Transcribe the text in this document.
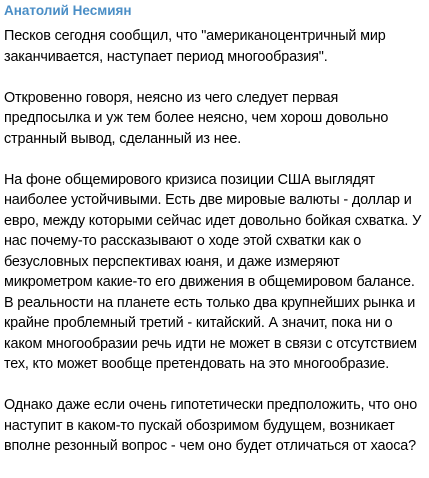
Анатолий Несмиян

Песков сегодня сообщил, что "американоцентричный мир заканчивается, наступает период многообразия".

Откровенно говоря, неясно из чего следует первая предпосылка и уж тем более неясно, чем хорош довольно странный вывод, сделанный из нее.

На фоне общемирового кризиса позиции США выглядят наиболее устойчивыми. Есть две мировые валюты - доллар и евро, между которыми сейчас идет довольно бойкая схватка. У нас почему-то рассказывают о ходе этой схватки как о безусловных перспективах юаня, и даже измеряют микрометром какие-то его движения в общемировом балансе. В реальности на планете есть только два крупнейших рынка и крайне проблемный третий - китайский. А значит, пока ни о каком многообразии речь идти не может в связи с отсутствием тех, кто может вообще претендовать на это многообразие.

Однако даже если очень гипотетически предположить, что оно наступит в каком-то пускай обозримом будущем, возникает вполне резонный вопрос - чем оно будет отличаться от хаоса?
